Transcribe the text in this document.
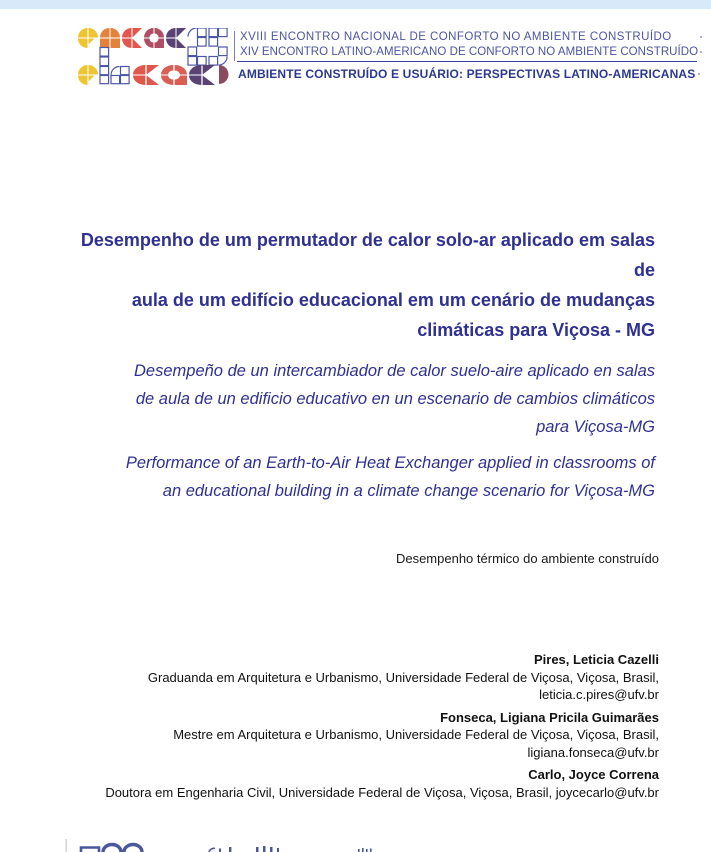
XVIII ENCONTRO NACIONAL DE CONFORTO NO AMBIENTE CONSTRUÍDO
XIV ENCONTRO LATINO-AMERICANO DE CONFORTO NO AMBIENTE CONSTRUÍDO
AMBIENTE CONSTRUÍDO E USUÁRIO: PERSPECTIVAS LATINO-AMERICANAS
Desempenho de um permutador de calor solo-ar aplicado em salas de
aula de um edifício educacional em um cenário de mudanças
climáticas para Viçosa - MG
Desempeño de un intercambiador de calor suelo-aire aplicado en salas
de aula de un edificio educativo en un escenario de cambios climáticos
para Viçosa-MG
Performance of an Earth-to-Air Heat Exchanger applied in classrooms of
an educational building in a climate change scenario for Viçosa-MG
Desempenho térmico do ambiente construído
Pires, Leticia Cazelli
Graduanda em Arquitetura e Urbanismo, Universidade Federal de Viçosa, Viçosa, Brasil,
leticia.c.pires@ufv.br
Fonseca, Ligiana Pricila Guimarães
Mestre em Arquitetura e Urbanismo, Universidade Federal de Viçosa, Viçosa, Brasil,
ligiana.fonseca@ufv.br
Carlo, Joyce Correna
Doutora em Engenharia Civil, Universidade Federal de Viçosa, Viçosa, Brasil, joycecarlo@ufv.br
